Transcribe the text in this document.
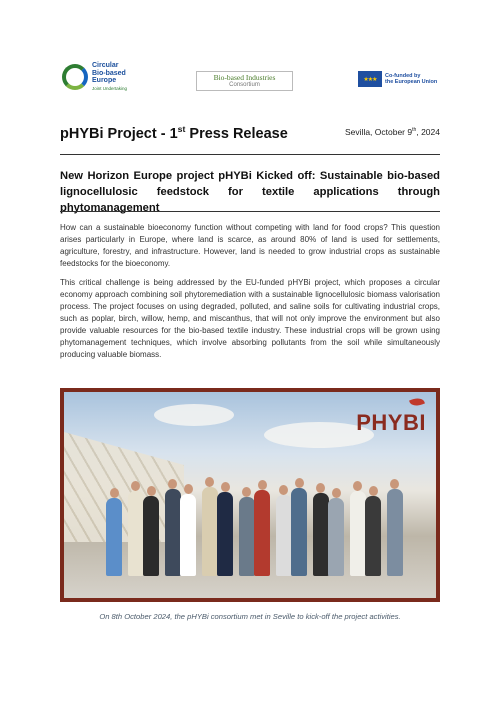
Circular
Bio-based
Europe
Joint Undertaking
Bio-based Industries
Consortium
★★★
Co-funded by
the European Union
pHYBi Project - 1st Press Release	Sevilla, October 9th, 2024
New Horizon Europe project pHYBi Kicked off: Sustainable bio-based lignocellulosic feedstock for textile applications through phytomanagement

How can a sustainable bioeconomy function without competing with land for food crops? This question arises particularly in Europe, where land is scarce, as around 80% of land is used for settlements, agriculture, forestry, and infrastructure. However, land is needed to grow industrial crops as sustainable feedstocks for the bioeconomy.

This critical challenge is being addressed by the EU-funded pHYBi project, which proposes a circular economy approach combining soil phytoremediation with a sustainable lignocellulosic biomass valorisation process. The project focuses on using degraded, polluted, and saline soils for cultivating industrial crops, such as poplar, birch, willow, hemp, and miscanthus, that will not only improve the environment but also provide valuable resources for the bio-based textile industry. These industrial crops will be grown using phytomanagement techniques, which involve absorbing pollutants from the soil while simultaneously producing valuable biomass.

PHYBI
On 8th October 2024, the pHYBi consortium met in Seville to kick-off the project activities.
